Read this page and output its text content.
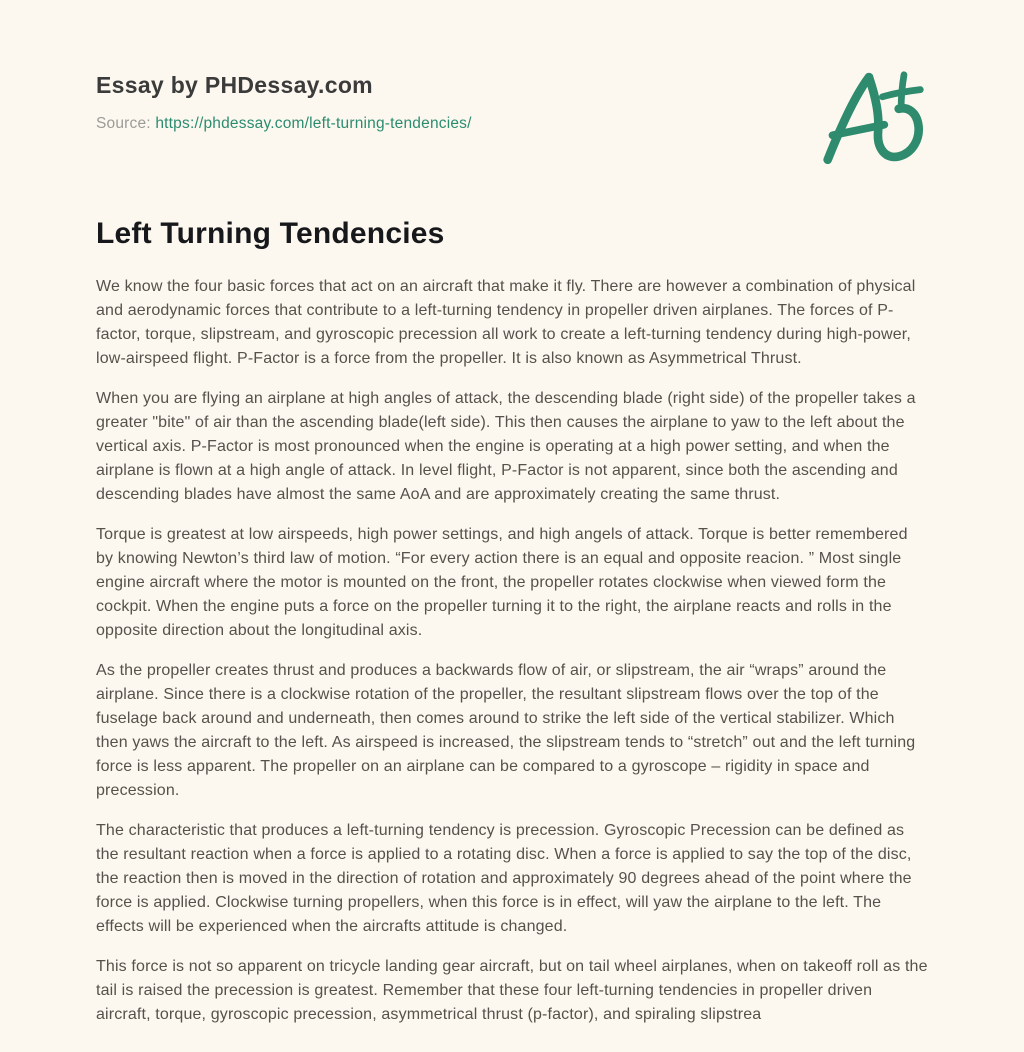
Essay by PHDessay.com
Source: https://phdessay.com/left-turning-tendencies/
Left Turning Tendencies

We know the four basic forces that act on an aircraft that make it fly. There are however a combination of physical and aerodynamic forces that contribute to a left-turning tendency in propeller driven airplanes. The forces of P-factor, torque, slipstream, and gyroscopic precession all work to create a left-turning tendency during high-power, low-airspeed flight. P-Factor is a force from the propeller. It is also known as Asymmetrical Thrust.

When you are flying an airplane at high angles of attack, the descending blade (right side) of the propeller takes a greater "bite" of air than the ascending blade(left side). This then causes the airplane to yaw to the left about the vertical axis. P-Factor is most pronounced when the engine is operating at a high power setting, and when the airplane is flown at a high angle of attack. In level flight, P-Factor is not apparent, since both the ascending and descending blades have almost the same AoA and are approximately creating the same thrust.

Torque is greatest at low airspeeds, high power settings, and high angels of attack. Torque is better remembered by knowing Newton’s third law of motion. “For every action there is an equal and opposite reacion. ” Most single engine aircraft where the motor is mounted on the front, the propeller rotates clockwise when viewed form the cockpit. When the engine puts a force on the propeller turning it to the right, the airplane reacts and rolls in the opposite direction about the longitudinal axis.

As the propeller creates thrust and produces a backwards flow of air, or slipstream, the air “wraps” around the airplane. Since there is a clockwise rotation of the propeller, the resultant slipstream flows over the top of the fuselage back around and underneath, then comes around to strike the left side of the vertical stabilizer. Which then yaws the aircraft to the left. As airspeed is increased, the slipstream tends to “stretch” out and the left turning force is less apparent. The propeller on an airplane can be compared to a gyroscope – rigidity in space and precession.

The characteristic that produces a left-turning tendency is precession. Gyroscopic Precession can be defined as the resultant reaction when a force is applied to a rotating disc. When a force is applied to say the top of the disc, the reaction then is moved in the direction of rotation and approximately 90 degrees ahead of the point where the force is applied. Clockwise turning propellers, when this force is in effect, will yaw the airplane to the left. The effects will be experienced when the aircrafts attitude is changed.

This force is not so apparent on tricycle landing gear aircraft, but on tail wheel airplanes, when on takeoff roll as the tail is raised the precession is greatest. Remember that these four left-turning tendencies in propeller driven aircraft, torque, gyroscopic precession, asymmetrical thrust (p-factor), and spiraling slipstrea
